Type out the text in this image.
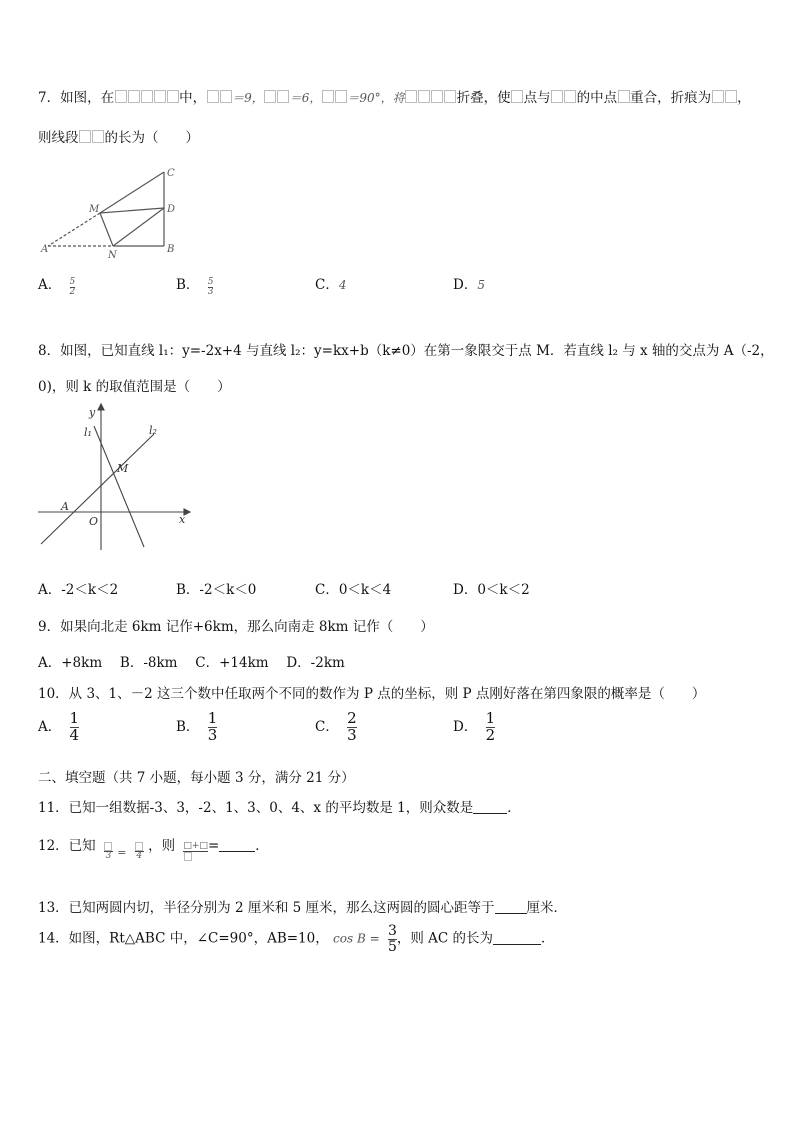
7．如图，在	中， ＝9， ＝6， ＝90°，将	折叠，使 点与 的中点 重合，折痕为 ，
则线段 的长为（　　）
C
M	D
A
N
B
A． $\frac{5}{2}$	B． $\frac{5}{3}$	C．4	D．5
8．如图，已知直线 l₁：y=-2x+4 与直线 l₂：y=kx+b（k≠0）在第一象限交于点 M．若直线 l₂ 与 x 轴的交点为 A（-2，
0)，则 k 的取值范围是（　　）
y
l₁	l₂
M
A
O	x
A．-2＜k＜2	B．-2＜k＜0	C．0＜k＜4	D．0＜k＜2
9．如果向北走 6km 记作+6km，那么向南走 8km 记作（　　）
A．+8km　 B．-8km　 C．+14km　 D．-2km
10．从 3、1、－2 这三个数中任取两个不同的数作为 P 点的坐标，则 P 点刚好落在第四象限的概率是（　　）
A． $\frac{1}{4}$	B． $\frac{1}{3}$	C． $\frac{2}{3}$	D． $\frac{1}{2}$
二、填空题（共 7 小题，每小题 3 分，满分 21 分）
11．已知一组数据-3、3，-2、1、3、0、4、x 的平均数是 1，则众数是	．
12．已知
3 $_=$ 4
，则 □+□ =	．
13．已知两圆内切，半径分别为 2 厘米和 5 厘米，那么这两圆的圆心距等于 厘米．
14．如图，Rt△ABC 中，∠C=90°，AB=10， $\cos B = \frac{3}{5}$ ，则 AC 的长为	．
